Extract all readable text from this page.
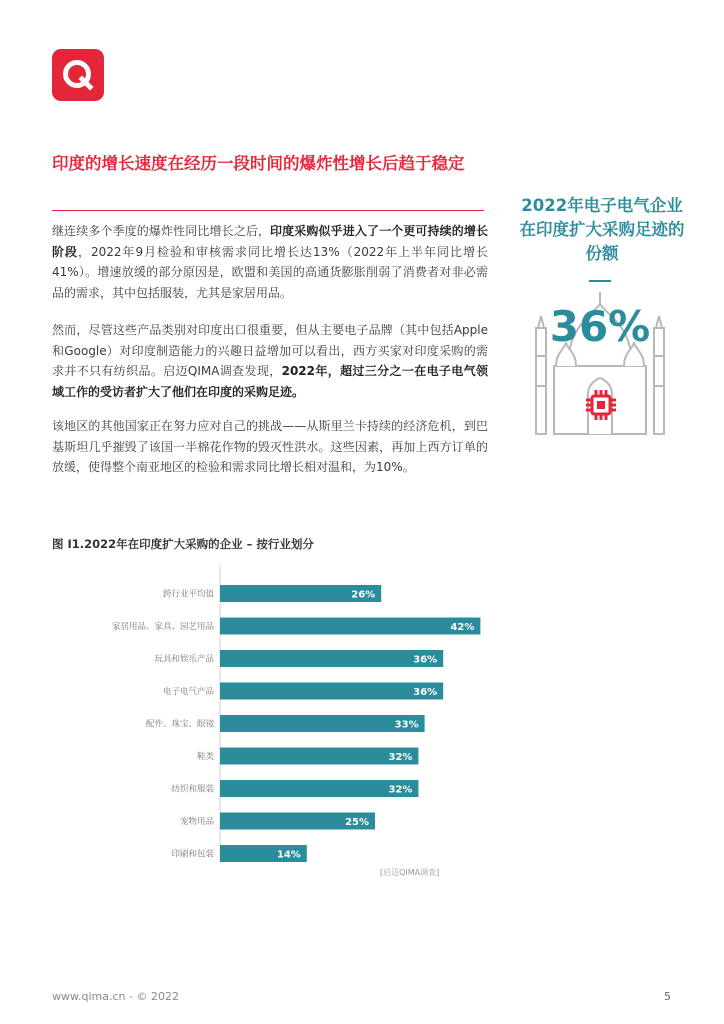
印度的增长速度在经历一段时间的爆炸性增长后趋于稳定

继连续多个季度的爆炸性同比增长之后，印度采购似乎进入了一个更可持续的增长阶段，2022年9月检验和审核需求同比增长达13%（2022年上半年同比增长41%）。增速放缓的部分原因是，欧盟和美国的高通货膨胀削弱了消费者对非必需品的需求，其中包括服装，尤其是家居用品。

然而，尽管这些产品类别对印度出口很重要，但从主要电子品牌（其中包括Apple和Google）对印度制造能力的兴趣日益增加可以看出，西方买家对印度采购的需求并不只有纺织品。启迈QIMA调查发现，2022年，超过三分之一在电子电气领域工作的受访者扩大了他们在印度的采购足迹。

该地区的其他国家正在努力应对自己的挑战——从斯里兰卡持续的经济危机，到巴基斯坦几乎摧毁了该国一半棉花作物的毁灭性洪水。这些因素，再加上西方订单的放缓，使得整个南亚地区的检验和需求同比增长相对温和，为10%。

2022年电子电气企业在印度扩大采购足迹的份额
36%
图 I1.2022年在印度扩大采购的企业 – 按行业划分
跨行业平均值	26%
家居用品、家具、园艺用品	42%
玩具和娱乐产品	36%
电子电气产品	36%
配件、珠宝、眼镜	33%
鞋类	32%
纺织和服装	32%
宠物用品	25%
印刷和包装	14%
[启迈QIMA调查]
www.qima.cn - © 2022	5
